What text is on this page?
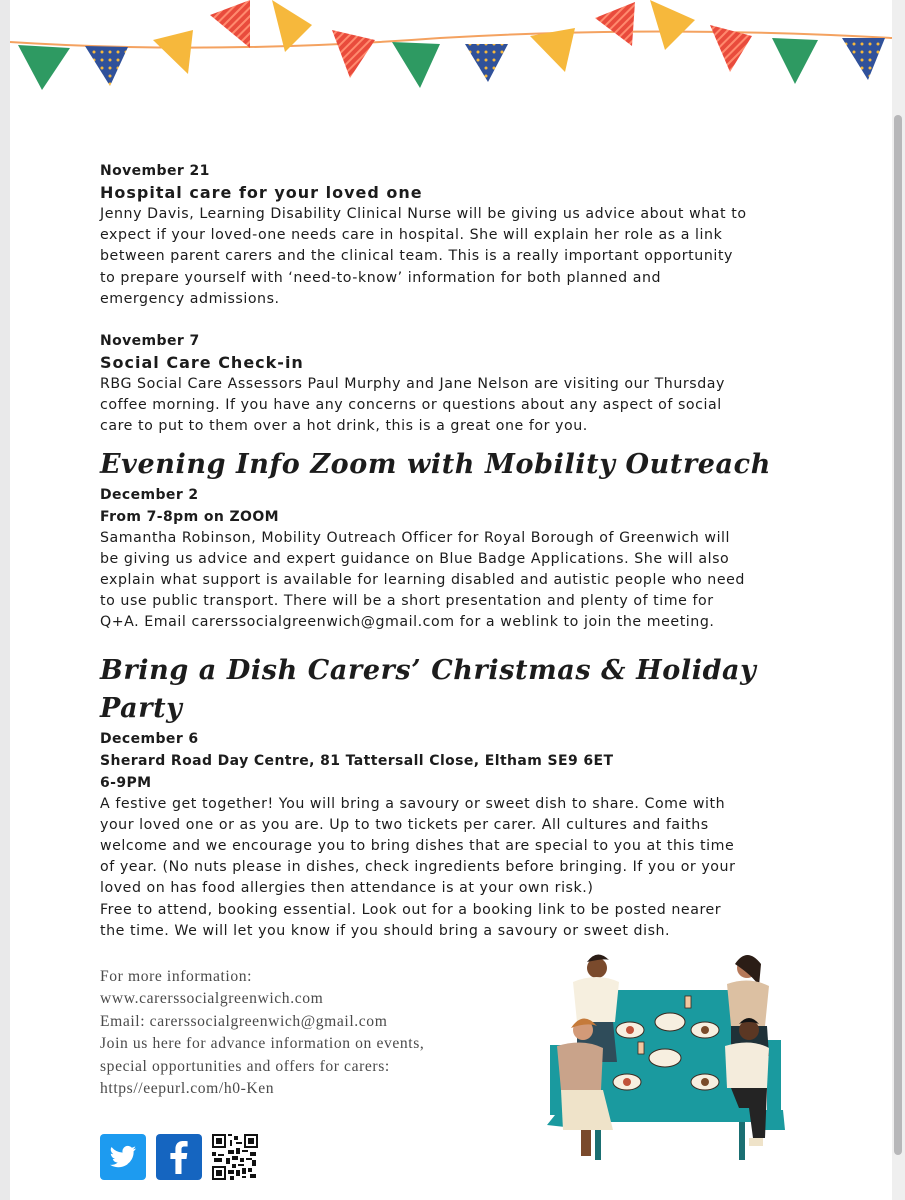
November 21
Hospital care for your loved one
Jenny Davis, Learning Disability Clinical Nurse will be giving us advice about what to
expect if your loved-one needs care in hospital. She will explain her role as a link
between parent carers and the clinical team. This is a really important opportunity
to prepare yourself with ‘need-to-know’ information for both planned and
emergency admissions.
November 7
Social Care Check-in
RBG Social Care Assessors Paul Murphy and Jane Nelson are visiting our Thursday
coffee morning. If you have any concerns or questions about any aspect of social
care to put to them over a hot drink, this is a great one for you.
Evening Info Zoom with Mobility Outreach
December 2
From 7-8pm on ZOOM
Samantha Robinson, Mobility Outreach Officer for Royal Borough of Greenwich will
be giving us advice and expert guidance on Blue Badge Applications. She will also
explain what support is available for learning disabled and autistic people who need
to use public transport. There will be a short presentation and plenty of time for
Q+A. Email carerssocialgreenwich@gmail.com for a weblink to join the meeting.
Bring a Dish Carers’ Christmas & Holiday Party
December 6
Sherard Road Day Centre, 81 Tattersall Close, Eltham SE9 6ET
6-9PM
A festive get together! You will bring a savoury or sweet dish to share. Come with
your loved one or as you are. Up to two tickets per carer. All cultures and faiths
welcome and we encourage you to bring dishes that are special to you at this time
of year. (No nuts please in dishes, check ingredients before bringing. If you or your
loved on has food allergies then attendance is at your own risk.)
Free to attend, booking essential. Look out for a booking link to be posted nearer
the time. We will let you know if you should bring a savoury or sweet dish.
For more information:
www.carerssocialgreenwich.com
Email: carerssocialgreenwich@gmail.com
Join us here for advance information on events,
special opportunities and offers for carers:
https//eepurl.com/h0-Ken
